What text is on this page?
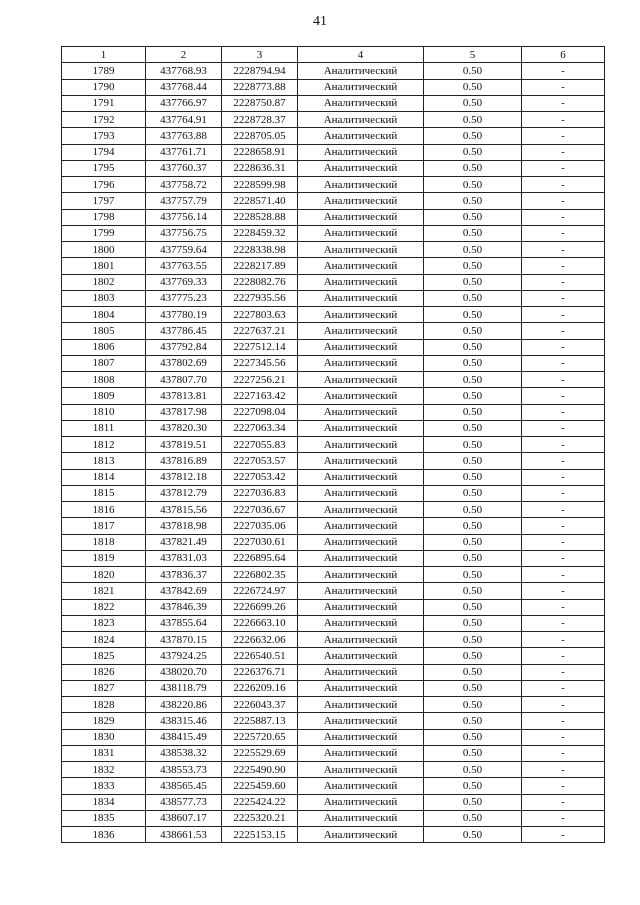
41
1	2	3	4	5	6
1789	437768.93	2228794.94	Аналитический	0.50	-
1790	437768.44	2228773.88	Аналитический	0.50	-
1791	437766.97	2228750.87	Аналитический	0.50	-
1792	437764.91	2228728.37	Аналитический	0.50	-
1793	437763.88	2228705.05	Аналитический	0.50	-
1794	437761.71	2228658.91	Аналитический	0.50	-
1795	437760.37	2228636.31	Аналитический	0.50	-
1796	437758.72	2228599.98	Аналитический	0.50	-
1797	437757.79	2228571.40	Аналитический	0.50	-
1798	437756.14	2228528.88	Аналитический	0.50	-
1799	437756.75	2228459.32	Аналитический	0.50	-
1800	437759.64	2228338.98	Аналитический	0.50	-
1801	437763.55	2228217.89	Аналитический	0.50	-
1802	437769.33	2228082.76	Аналитический	0.50	-
1803	437775.23	2227935.56	Аналитический	0.50	-
1804	437780.19	2227803.63	Аналитический	0.50	-
1805	437786.45	2227637.21	Аналитический	0.50	-
1806	437792.84	2227512.14	Аналитический	0.50	-
1807	437802.69	2227345.56	Аналитический	0.50	-
1808	437807.70	2227256.21	Аналитический	0.50	-
1809	437813.81	2227163.42	Аналитический	0.50	-
1810	437817.98	2227098.04	Аналитический	0.50	-
1811	437820.30	2227063.34	Аналитический	0.50	-
1812	437819.51	2227055.83	Аналитический	0.50	-
1813	437816.89	2227053.57	Аналитический	0.50	-
1814	437812.18	2227053.42	Аналитический	0.50	-
1815	437812.79	2227036.83	Аналитический	0.50	-
1816	437815.56	2227036.67	Аналитический	0.50	-
1817	437818.98	2227035.06	Аналитический	0.50	-
1818	437821.49	2227030.61	Аналитический	0.50	-
1819	437831.03	2226895.64	Аналитический	0.50	-
1820	437836.37	2226802.35	Аналитический	0.50	-
1821	437842.69	2226724.97	Аналитический	0.50	-
1822	437846.39	2226699.26	Аналитический	0.50	-
1823	437855.64	2226663.10	Аналитический	0.50	-
1824	437870.15	2226632.06	Аналитический	0.50	-
1825	437924.25	2226540.51	Аналитический	0.50	-
1826	438020.70	2226376.71	Аналитический	0.50	-
1827	438118.79	2226209.16	Аналитический	0.50	-
1828	438220.86	2226043.37	Аналитический	0.50	-
1829	438315.46	2225887.13	Аналитический	0.50	-
1830	438415.49	2225720.65	Аналитический	0.50	-
1831	438538.32	2225529.69	Аналитический	0.50	-
1832	438553.73	2225490.90	Аналитический	0.50	-
1833	438565.45	2225459.60	Аналитический	0.50	-
1834	438577.73	2225424.22	Аналитический	0.50	-
1835	438607.17	2225320.21	Аналитический	0.50	-
1836	438661.53	2225153.15	Аналитический	0.50	-
